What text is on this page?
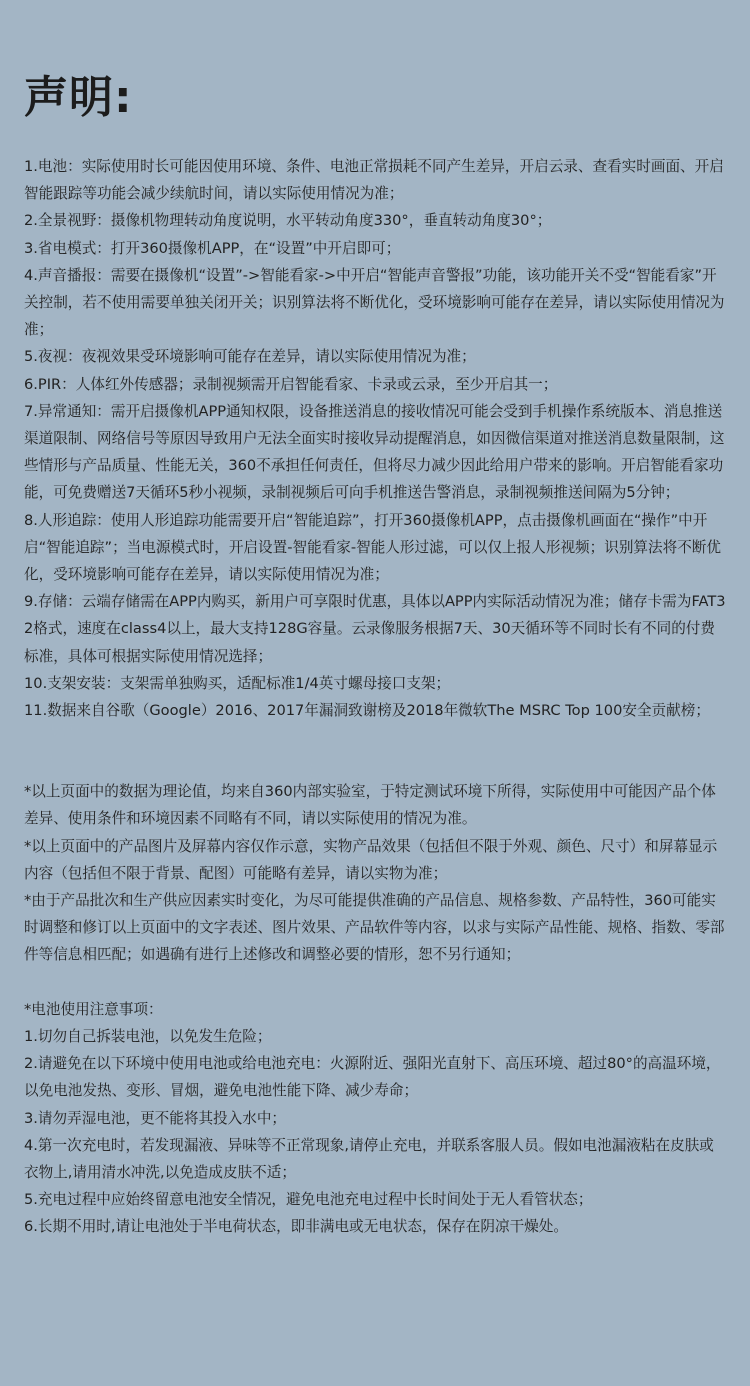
声明:

1.电池：实际使用时长可能因使用环境、条件、电池正常损耗不同产生差异，开启云录、查看实时画面、开启智能跟踪等功能会减少续航时间，请以实际使用情况为准；

2.全景视野：摄像机物理转动角度说明，水平转动角度330°，垂直转动角度30°；

3.省电模式：打开360摄像机APP，在“设置”中开启即可；

4.声音播报：需要在摄像机“设置”->智能看家->中开启“智能声音警报”功能，该功能开关不受“智能看家”开关控制，若不使用需要单独关闭开关；识别算法将不断优化，受环境影响可能存在差异，请以实际使用情况为准；

5.夜视：夜视效果受环境影响可能存在差异，请以实际使用情况为准；

6.PIR：人体红外传感器；录制视频需开启智能看家、卡录或云录，至少开启其一；

7.异常通知：需开启摄像机APP通知权限，设备推送消息的接收情况可能会受到手机操作系统版本、消息推送渠道限制、网络信号等原因导致用户无法全面实时接收异动提醒消息，如因微信渠道对推送消息数量限制，这些情形与产品质量、性能无关，360不承担任何责任，但将尽力减少因此给用户带来的影响。开启智能看家功能，可免费赠送7天循环5秒小视频，录制视频后可向手机推送告警消息，录制视频推送间隔为5分钟；

8.人形追踪：使用人形追踪功能需要开启“智能追踪”，打开360摄像机APP，点击摄像机画面在“操作”中开启“智能追踪”；当电源模式时，开启设置-智能看家-智能人形过滤，可以仅上报人形视频；识别算法将不断优化，受环境影响可能存在差异，请以实际使用情况为准；

9.存储：云端存储需在APP内购买，新用户可享限时优惠，具体以APP内实际活动情况为准；储存卡需为FAT32格式，速度在class4以上，最大支持128G容量。云录像服务根据7天、30天循环等不同时长有不同的付费标准，具体可根据实际使用情况选择；

10.支架安装：支架需单独购买，适配标准1/4英寸螺母接口支架；

11.数据来自谷歌（Google）2016、2017年漏洞致谢榜及2018年微软The MSRC Top 100安全贡献榜；

*以上页面中的数据为理论值，均来自360内部实验室，于特定测试环境下所得，实际使用中可能因产品个体差异、使用条件和环境因素不同略有不同，请以实际使用的情况为准。

*以上页面中的产品图片及屏幕内容仅作示意，实物产品效果（包括但不限于外观、颜色、尺寸）和屏幕显示内容（包括但不限于背景、配图）可能略有差异，请以实物为准；

*由于产品批次和生产供应因素实时变化，为尽可能提供准确的产品信息、规格参数、产品特性，360可能实时调整和修订以上页面中的文字表述、图片效果、产品软件等内容，以求与实际产品性能、规格、指数、零部件等信息相匹配；如遇确有进行上述修改和调整必要的情形，恕不另行通知；

*电池使用注意事项：

1.切勿自己拆装电池，以免发生危险；

2.请避免在以下环境中使用电池或给电池充电：火源附近、强阳光直射下、高压环境、超过80°的高温环境，以免电池发热、变形、冒烟，避免电池性能下降、减少寿命；

3.请勿弄湿电池，更不能将其投入水中；

4.第一次充电时，若发现漏液、异味等不正常现象,请停止充电，并联系客服人员。假如电池漏液粘在皮肤或衣物上,请用清水冲洗,以免造成皮肤不适；

5.充电过程中应始终留意电池安全情况，避免电池充电过程中长时间处于无人看管状态；

6.长期不用时,请让电池处于半电荷状态，即非满电或无电状态，保存在阴凉干燥处。
